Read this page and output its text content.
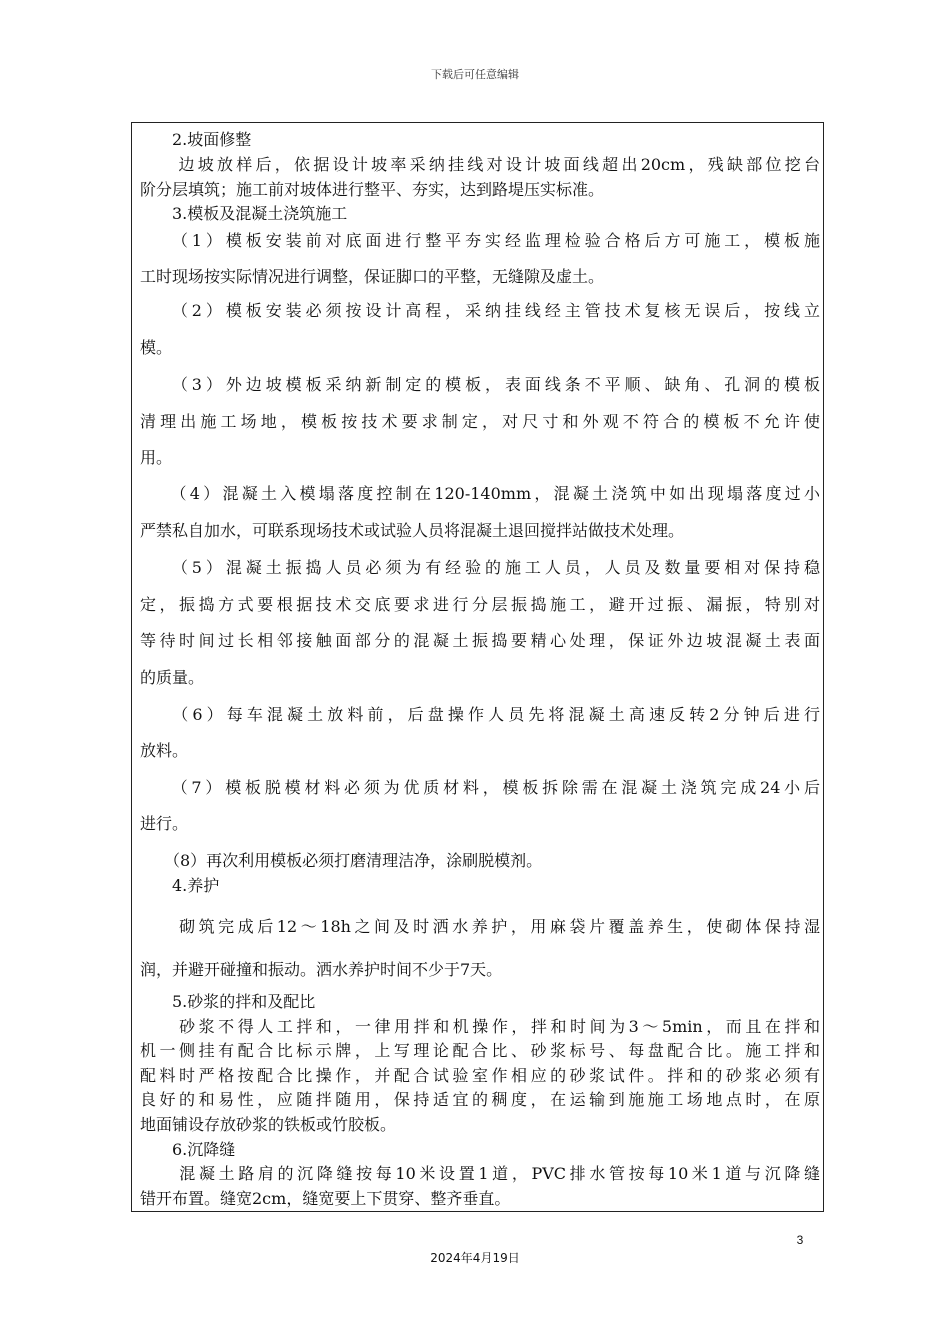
下载后可任意编辑
　　2.坡面修整
　　边坡放样后，依据设计坡率采纳挂线对设计坡面线超出20cm，残缺部位挖台
阶分层填筑；施工前对坡体进行整平、夯实，达到路堤压实标准。
　　3.模板及混凝土浇筑施工
　　（1）模板安装前对底面进行整平夯实经监理检验合格后方可施工，模板施
工时现场按实际情况进行调整，保证脚口的平整，无缝隙及虚土。
　　（2）模板安装必须按设计高程，采纳挂线经主管技术复核无误后，按线立
模。
　　（3）外边坡模板采纳新制定的模板，表面线条不平顺、缺角、孔洞的模板
清理出施工场地，模板按技术要求制定，对尺寸和外观不符合的模板不允许使
用。
　　（4）混凝土入模塌落度控制在120-140mm，混凝土浇筑中如出现塌落度过小
严禁私自加水，可联系现场技术或试验人员将混凝土退回搅拌站做技术处理。
　　（5）混凝土振捣人员必须为有经验的施工人员，人员及数量要相对保持稳
定，振捣方式要根据技术交底要求进行分层振捣施工，避开过振、漏振，特别对
等待时间过长相邻接触面部分的混凝土振捣要精心处理，保证外边坡混凝土表面
的质量。
　　（6）每车混凝土放料前，后盘操作人员先将混凝土高速反转2分钟后进行
放料。
　　（7）模板脱模材料必须为优质材料，模板拆除需在混凝土浇筑完成24小后
进行。
　　（8）再次利用模板必须打磨清理洁净，涂刷脱模剂。
　　4.养护
　　砌筑完成后12～18h之间及时洒水养护，用麻袋片覆盖养生，使砌体保持湿
润，并避开碰撞和振动。洒水养护时间不少于7天。
　　5.砂浆的拌和及配比
　　砂浆不得人工拌和，一律用拌和机操作，拌和时间为3～5min，而且在拌和
机一侧挂有配合比标示牌，上写理论配合比、砂浆标号、每盘配合比。施工拌和
配料时严格按配合比操作，并配合试验室作相应的砂浆试件。拌和的砂浆必须有
良好的和易性，应随拌随用，保持适宜的稠度，在运输到施施工场地点时，在原
地面铺设存放砂浆的铁板或竹胶板。
　　6.沉降缝
　　混凝土路肩的沉降缝按每10米设置1道，PVC排水管按每10米1道与沉降缝
错开布置。缝宽2cm，缝宽要上下贯穿、整齐垂直。
3
2024年4月19日
